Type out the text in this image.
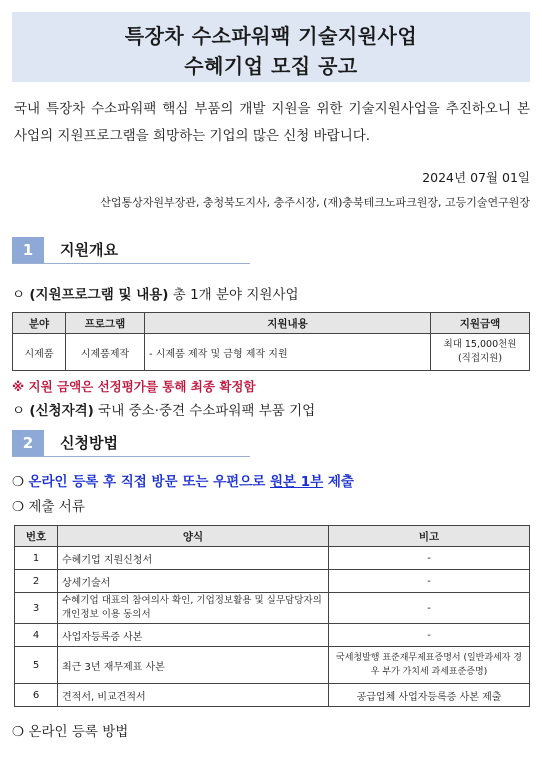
특장차 수소파워팩 기술지원사업
수혜기업 모집 공고
국내 특장차 수소파워팩 핵심 부품의 개발 지원을 위한 기술지원사업을 추진하오니 본 사업의 지원프로그램을 희망하는 기업의 많은 신청 바랍니다.
2024년 07월 01일
산업통상자원부장관, 충청북도지사, 충주시장, (재)충북테크노파크원장, 고등기술연구원장
1	지원개요
ㅇ (지원프로그램 및 내용) 총 1개 분야 지원사업
분야	프로그램	지원내용	지원금액
시제품	시제품제작	- 시제품 제작 및 금형 제작 지원	최대 15,000천원
(직접지원)
※ 지원 금액은 선정평가를 통해 최종 확정함
ㅇ (신청자격) 국내 중소·중견 수소파워팩 부품 기업
2	신청방법
❍ 온라인 등록 후 직접 방문 또는 우편으로 원본 1부 제출
❍ 제출 서류
번호	양식	비고
1	수혜기업 지원신청서	-
2	상세기술서	-
3	수혜기업 대표의 참여의사 확인, 기업정보활용 및 실무담당자의 개인정보 이용 동의서	-
4	사업자등록증 사본	-
5	최근 3년 재무제표 사본	국세청발행 표준재무제표증명서 (일반과세자 경우 부가 가치세 과세표준증명)
6	견적서, 비교견적서	공급업체 사업자등록증 사본 제출
❍ 온라인 등록 방법
